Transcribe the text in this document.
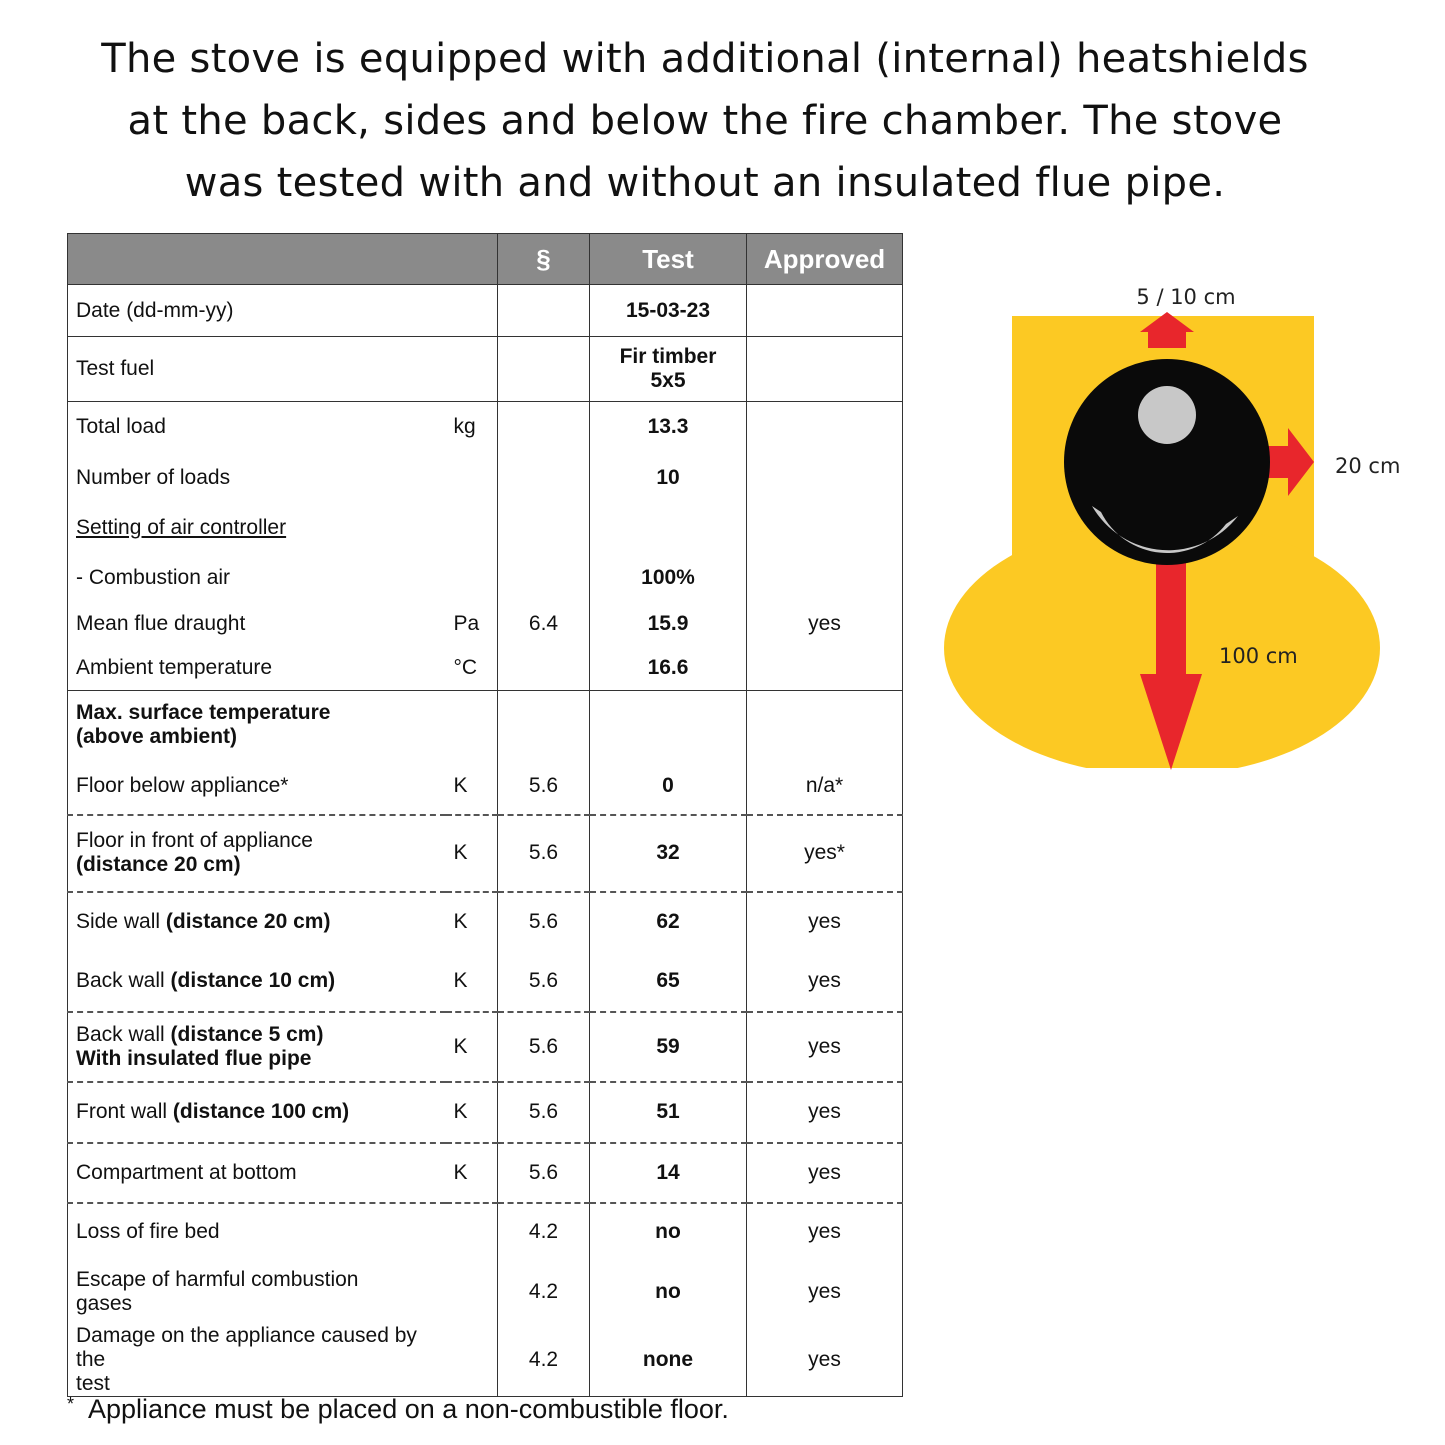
The stove is equipped with additional (internal) heatshields
at the back, sides and below the fire chamber. The stove
was tested with and without an insulated flue pipe.
		§	Test	Approved
Date (dd-mm-yy)			15-03-23	
Test fuel			Fir timber
5x5	

Total load	kg		13.3	
Number of loads			10	
Setting of air controller				
- Combustion air			100%	
Mean flue draught	Pa	6.4	15.9	yes
Ambient temperature	°C		16.6	

Max. surface temperature
(above ambient)				

Floor below appliance*	K	5.6	0	n/a*

Floor in front of appliance
(distance 20 cm)	K	5.6	32	yes*
Side wall (distance 20 cm)	K	5.6	62	yes
Back wall (distance 10 cm)	K	5.6	65	yes

Back wall (distance 5 cm)
With insulated flue pipe	K	5.6	59	yes
Front wall (distance 100 cm)	K	5.6	51	yes
Compartment at bottom	K	5.6	14	yes
Loss of fire bed		4.2	no	yes

Escape of harmful combustion
gases		4.2	no	yes

Damage on the appliance caused by the
test		4.2	none	yes
* Appliance must be placed on a non-combustible floor.
5 / 10 cm
20 cm
100 cm
